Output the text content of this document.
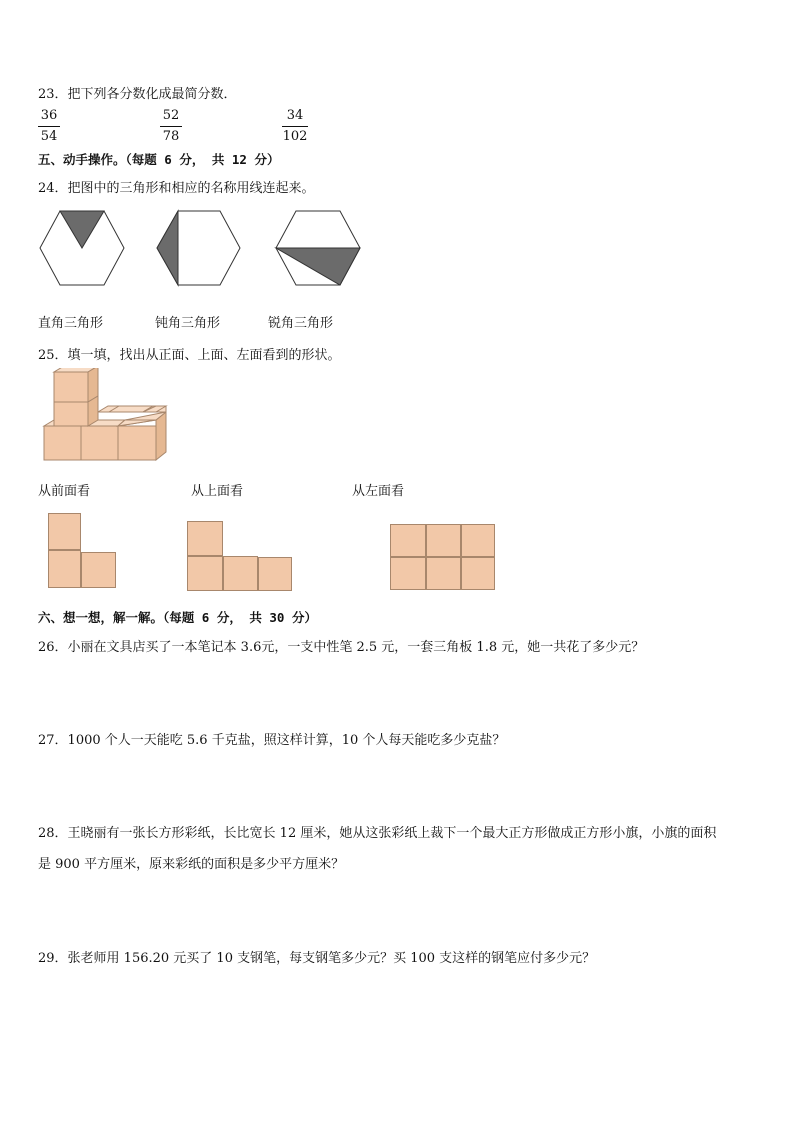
23．把下列各分数化成最简分数．
36
54
52
78
34
102
五、动手操作。（每题 6 分， 共 12 分）
24．把图中的三角形和相应的名称用线连起来。
直角三角形	钝角三角形	锐角三角形
25．填一填，找出从正面、上面、左面看到的形状。
从前面看	从上面看	从左面看
六、想一想，解一解。（每题 6 分， 共 30 分）
26．小丽在文具店买了一本笔记本 3.6元，一支中性笔 2.5 元，一套三角板 1.8 元，她一共花了多少元？
27．1000 个人一天能吃 5.6 千克盐，照这样计算，10 个人每天能吃多少克盐？
28．王晓丽有一张长方形彩纸，长比宽长 12 厘米，她从这张彩纸上裁下一个最大正方形做成正方形小旗，小旗的面积
是 900 平方厘米，原来彩纸的面积是多少平方厘米？
29．张老师用 156.20 元买了 10 支钢笔，每支钢笔多少元？买 100 支这样的钢笔应付多少元？
